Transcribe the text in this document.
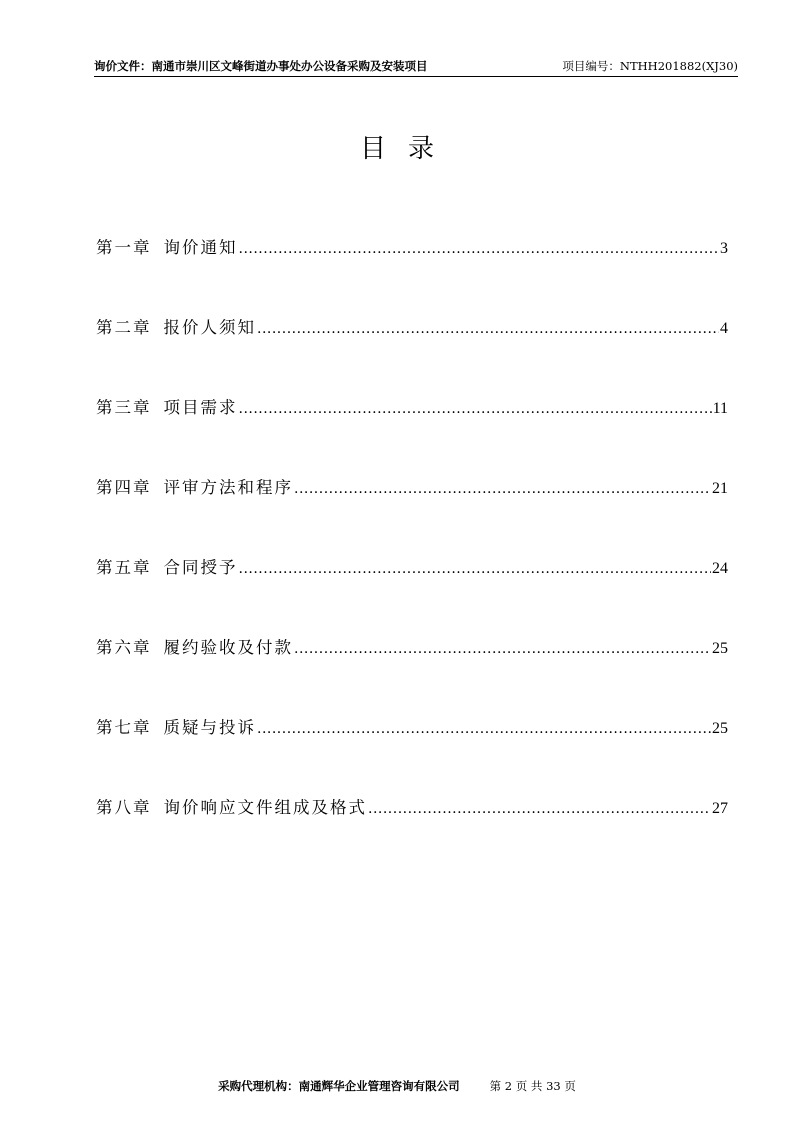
询价文件：南通市崇川区文峰街道办事处办公设备采购及安装项目	项目编号：NTHH201882(XJ30)
目录
第一章 询价通知 .....	3
第二章 报价人须知 .....	4
第三章 项目需求 .....	11
第四章 评审方法和程序 .....	21
第五章 合同授予 .....	24
第六章 履约验收及付款 .....	25
第七章 质疑与投诉 .....	25
第八章 询价响应文件组成及格式 .....	27
采购代理机构：南通辉华企业管理咨询有限公司	第 2 页 共 33 页
